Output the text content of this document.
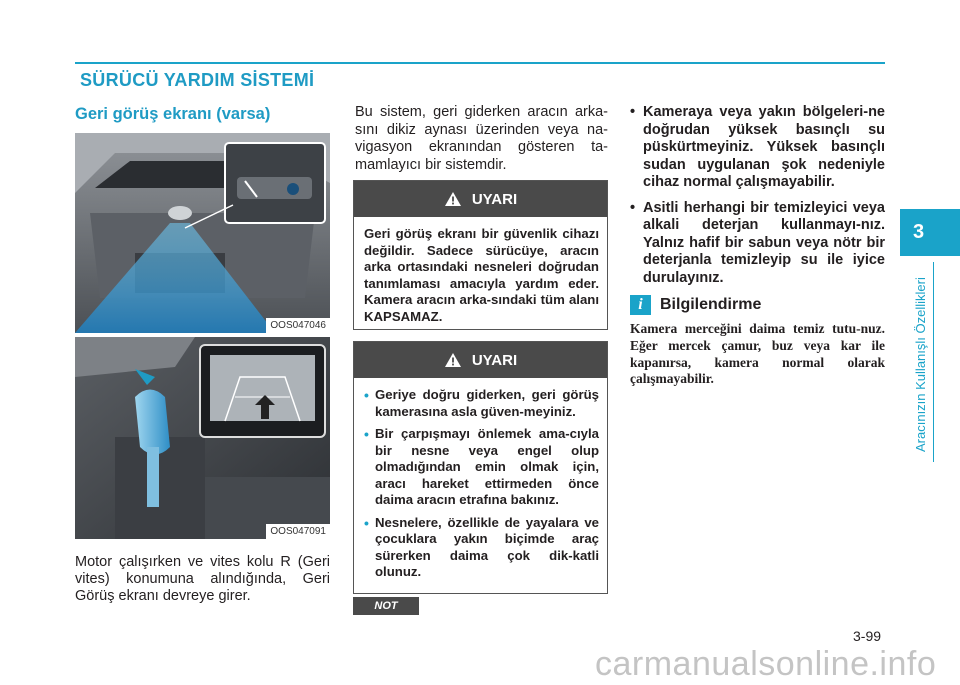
SÜRÜCÜ YARDIM SİSTEMİ
3
Aracınızın Kullanışlı Özellikleri
Geri görüş ekranı (varsa)
OOS047046
OOS047091
Motor çalışırken ve vites kolu R (Geri vites) konumuna alındığında, Geri Görüş ekranı devreye girer.
Bu sistem, geri giderken aracın arka-sını dikiz aynası üzerinden veya na-vigasyon ekranından gösteren ta-mamlayıcı bir sistemdir.
UYARI
Geri görüş ekranı bir güvenlik cihazı değildir. Sadece sürücüye, aracın arka ortasındaki nesneleri doğrudan tanımlaması amacıyla yardım eder. Kamera aracın arka-sındaki tüm alanı KAPSAMAZ.
UYARI
• Geriye doğru giderken, geri görüş kamerasına asla güven-meyiniz.
• Bir çarpışmayı önlemek ama-cıyla bir nesne veya engel olup olmadığından emin olmak için, aracı hareket ettirmeden önce daima aracın etrafına bakınız.
• Nesnelere, özellikle de yayalara ve çocuklara yakın biçimde araç sürerken daima çok dik-katli olunuz.
NOT
• Kameraya veya yakın bölgeleri-ne doğrudan yüksek basınçlı su püskürtmeyiniz. Yüksek basınçlı sudan uygulanan şok nedeniyle cihaz normal çalışmayabilir.
• Asitli herhangi bir temizleyici veya alkali deterjan kullanmayı-nız. Yalnız hafif bir sabun veya nötr bir deterjanla temizleyip su ile iyice durulayınız.
i	Bilgilendirme
Kamera merceğini daima temiz tutu-nuz. Eğer mercek çamur, buz veya kar ile kapanırsa, kamera normal olarak çalışmayabilir.
3-99
carmanualsonline.info
